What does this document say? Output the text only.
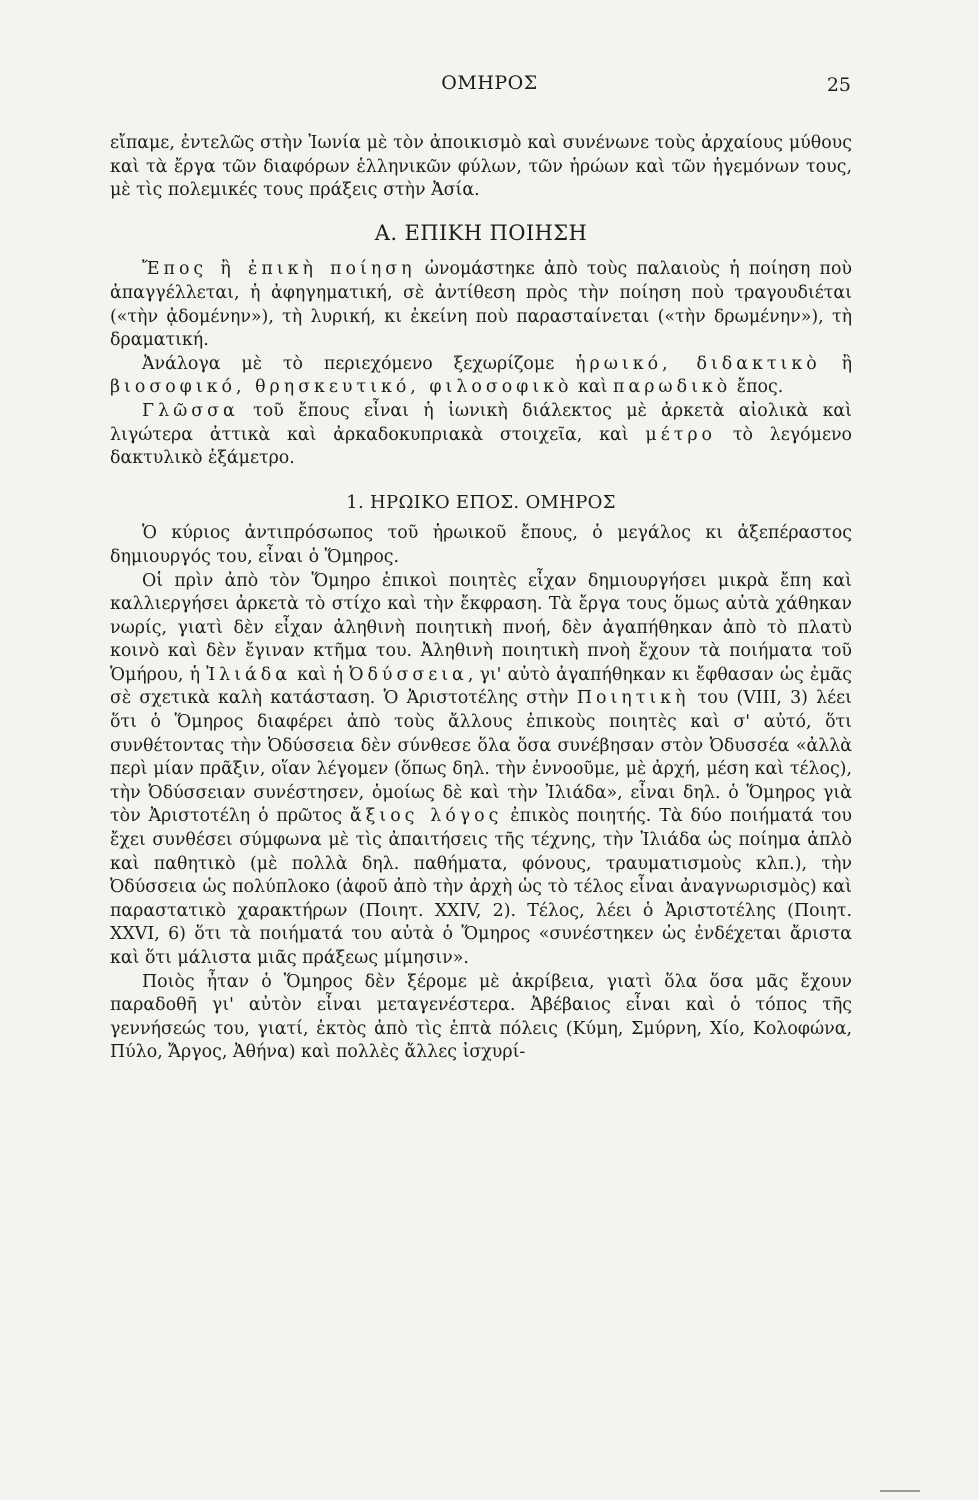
ΟΜΗΡΟΣ	25

εἴπαμε, ἐντελῶς στὴν Ἰωνία μὲ τὸν ἀποικισμὸ καὶ συνένωνε τοὺς ἀρχαίους μύθους καὶ τὰ ἔργα τῶν διαφόρων ἑλληνικῶν φύλων, τῶν ἡρώων καὶ τῶν ἡγεμόνων τους, μὲ τὶς πολεμικές τους πράξεις στὴν Ἀσία.

Α. ΕΠΙΚΗ ΠΟΙΗΣΗ

Ἔπος ἢ ἐπικὴ ποίηση ὠνομάστηκε ἀπὸ τοὺς παλαιοὺς ἡ ποίηση ποὺ ἀπαγγέλλεται, ἡ ἀφηγηματική, σὲ ἀντίθεση πρὸς τὴν ποίηση ποὺ τραγουδιέται («τὴν ᾀδομένην»), τὴ λυρική, κι ἐκείνη ποὺ παρασταίνεται («τὴν δρωμένην»), τὴ δραματική.

Ἀνάλογα μὲ τὸ περιεχόμενο ξεχωρίζομε ἡρωικό, διδακτικὸ ἢ βιοσοφικό, θρησκευτικό, φιλοσοφικὸ καὶ παρωδικὸ ἔπος.

Γλῶσσα τοῦ ἔπους εἶναι ἡ ἰωνικὴ διάλεκτος μὲ ἀρκετὰ αἰολικὰ καὶ λιγώτερα ἀττικὰ καὶ ἀρκαδοκυπριακὰ στοιχεῖα, καὶ μέτρο τὸ λεγόμενο δακτυλικὸ ἑξάμετρο.

1. ΗΡΩΙΚΟ ΕΠΟΣ. ΟΜΗΡΟΣ

Ὁ κύριος ἀντιπρόσωπος τοῦ ἡρωικοῦ ἔπους, ὁ μεγάλος κι ἀξεπέραστος δημιουργός του, εἶναι ὁ Ὅμηρος.

Οἱ πρὶν ἀπὸ τὸν Ὅμηρο ἐπικοὶ ποιητὲς εἶχαν δημιουργήσει μικρὰ ἔπη καὶ καλλιεργήσει ἀρκετὰ τὸ στίχο καὶ τὴν ἔκφραση. Τὰ ἔργα τους ὅμως αὐτὰ χάθηκαν νωρίς, γιατὶ δὲν εἶχαν ἀληθινὴ ποιητικὴ πνοή, δὲν ἀγαπήθηκαν ἀπὸ τὸ πλατὺ κοινὸ καὶ δὲν ἔγιναν κτῆμα του. Ἀληθινὴ ποιητικὴ πνοὴ ἔχουν τὰ ποιήματα τοῦ Ὁμήρου, ἡ Ἰλιάδα καὶ ἡ Ὀδύσσεια, γι' αὐτὸ ἀγαπήθηκαν κι ἔφθασαν ὡς ἐμᾶς σὲ σχετικὰ καλὴ κατάσταση. Ὁ Ἀριστοτέλης στὴν Ποιητικὴ του (VIII, 3) λέει ὅτι ὁ Ὅμηρος διαφέρει ἀπὸ τοὺς ἄλλους ἐπικοὺς ποιητὲς καὶ σ' αὐτό, ὅτι συνθέτοντας τὴν Ὀδύσσεια δὲν σύνθεσε ὅλα ὅσα συνέβησαν στὸν Ὀδυσσέα «ἀλλὰ περὶ μίαν πρᾶξιν, οἵαν λέγομεν (ὅπως δηλ. τὴν ἐννοοῦμε, μὲ ἀρχή, μέση καὶ τέλος), τὴν Ὀδύσσειαν συνέστησεν, ὁμοίως δὲ καὶ τὴν Ἰλιάδα», εἶναι δηλ. ὁ Ὅμηρος γιὰ τὸν Ἀριστοτέλη ὁ πρῶτος ἄξιος λόγος ἐπικὸς ποιητής. Τὰ δύο ποιήματά του ἔχει συνθέσει σύμφωνα μὲ τὶς ἀπαιτήσεις τῆς τέχνης, τὴν Ἰλιάδα ὡς ποίημα ἁπλὸ καὶ παθητικὸ (μὲ πολλὰ δηλ. παθήματα, φόνους, τραυματισμοὺς κλπ.), τὴν Ὀδύσσεια ὡς πολύπλοκο (ἀφοῦ ἀπὸ τὴν ἀρχὴ ὡς τὸ τέλος εἶναι ἀναγνωρισμὸς) καὶ παραστατικὸ χαρακτήρων (Ποιητ. XXIV, 2). Τέλος, λέει ὁ Ἀριστοτέλης (Ποιητ. XXVI, 6) ὅτι τὰ ποιήματά του αὐτὰ ὁ Ὅμηρος «συνέστηκεν ὡς ἐνδέχεται ἄριστα καὶ ὅτι μάλιστα μιᾶς πράξεως μίμησιν».

Ποιὸς ἦταν ὁ Ὅμηρος δὲν ξέρομε μὲ ἀκρίβεια, γιατὶ ὅλα ὅσα μᾶς ἔχουν παραδοθῆ γι' αὐτὸν εἶναι μεταγενέστερα. Ἀβέβαιος εἶναι καὶ ὁ τόπος τῆς γεννήσεώς του, γιατί, ἐκτὸς ἀπὸ τὶς ἑπτὰ πόλεις (Κύμη, Σμύρνη, Χίο, Κολοφώνα, Πύλο, Ἄργος, Ἀθήνα) καὶ πολλὲς ἄλλες ἰσχυρί-
